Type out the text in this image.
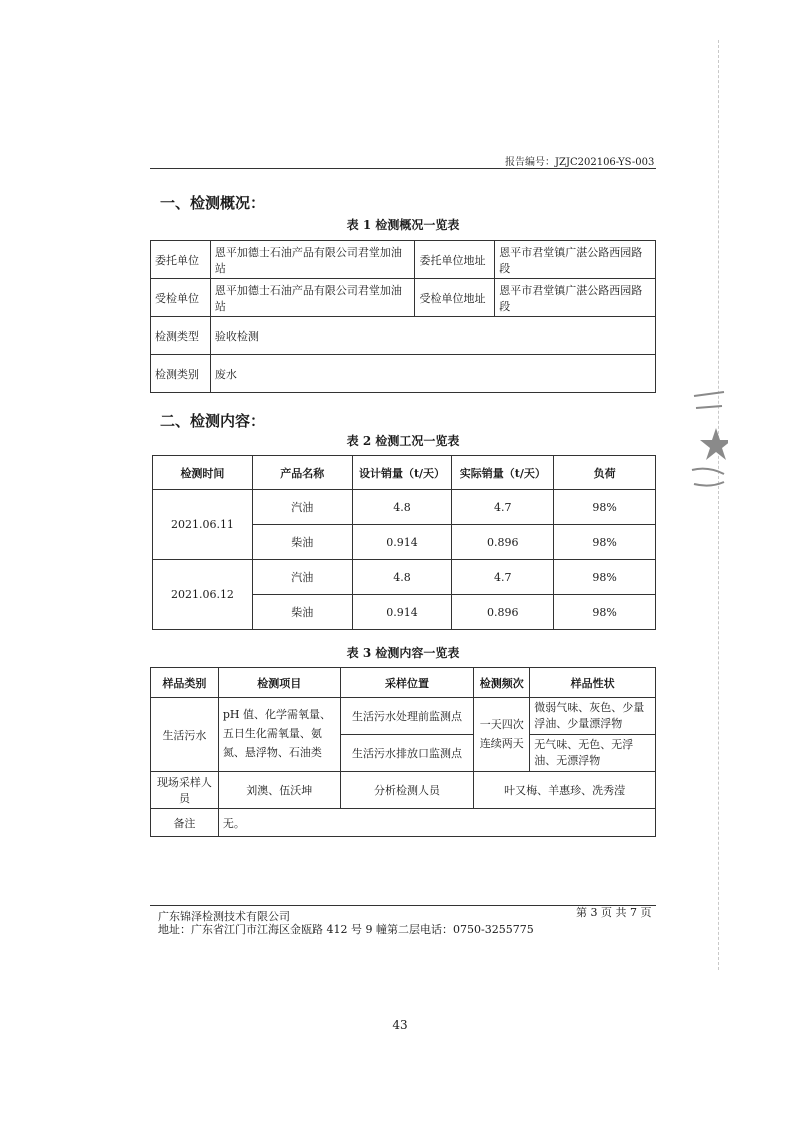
报告编号：JZJC202106-YS-003
一、检测概况：
表 1 检测概况一览表
委托单位	恩平加德士石油产品有限公司君堂加油站	委托单位地址	恩平市君堂镇广湛公路西园路段
受检单位	恩平加德士石油产品有限公司君堂加油站	受检单位地址	恩平市君堂镇广湛公路西园路段
检测类型	验收检测		
检测类别	废水		
二、检测内容：
表 2 检测工况一览表
检测时间	产品名称	设计销量（t/天）	实际销量（t/天）	负荷
2021.06.11	汽油	4.8	4.7	98%
	柴油	0.914	0.896	98%
2021.06.12	汽油	4.8	4.7	98%
	柴油	0.914	0.896	98%
表 3 检测内容一览表
样品类别	检测项目	采样位置	检测频次	样品性状
生活污水	pH 值、化学需氧量、五日生化需氧量、氨氮、悬浮物、石油类	生活污水处理前监测点	一天四次连续两天	微弱气味、灰色、少量浮油、少量漂浮物
		生活污水排放口监测点		无气味、无色、无浮油、无漂浮物
现场采样人员	刘澳、伍沃坤	分析检测人员	叶又梅、羊惠珍、冼秀滢	
备注	无。			
广东锦泽检测技术有限公司	第 3 页 共 7 页
地址：广东省江门市江海区金瓯路 412 号 9 幢第二层 电话：0750-3255775
43
